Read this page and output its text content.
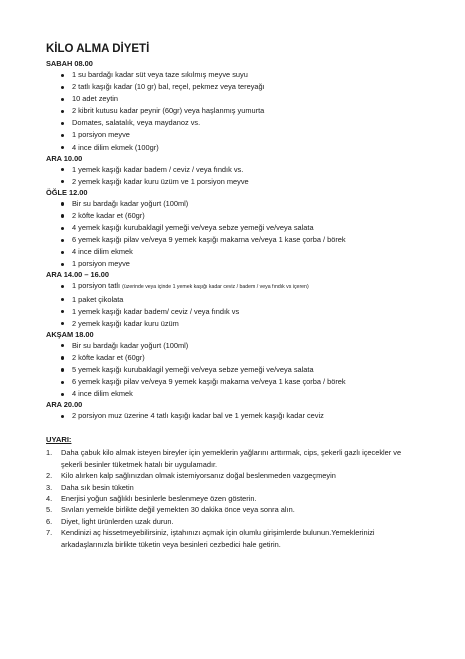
KİLO ALMA DİYETİ
SABAH 08.00
1 su bardağı kadar süt veya taze sıkılmış meyve suyu
2 tatlı kaşığı kadar (10 gr) bal, reçel, pekmez veya tereyağı
10 adet zeytin
2 kibrit kutusu kadar peynir (60gr) veya haşlanmış yumurta
Domates, salatalık, veya maydanoz vs.
1 porsiyon meyve
4 ince dilim ekmek (100gr)
ARA 10.00
1 yemek kaşığı kadar badem / ceviz / veya fındık vs.
2 yemek kaşığı kadar kuru üzüm ve 1 porsiyon meyve
ÖĞLE 12.00
Bir su bardağı kadar yoğurt (100ml)
2 köfte kadar et (60gr)
4 yemek kaşığı kurubaklagil yemeği ve/veya sebze yemeği ve/veya salata
6 yemek kaşığı pilav ve/veya 9 yemek kaşığı makarna ve/veya 1 kase çorba / börek
4 ince dilim ekmek
1 porsiyon meyve
ARA 14.00 – 16.00
1 porsiyon tatlı (üzerinde veya içinde 1 yemek kaşığı kadar ceviz / badem / veya fındık vs içeren)
1 paket çikolata
1 yemek kaşığı kadar badem/ ceviz / veya fındık vs
2 yemek kaşığı kadar kuru üzüm
AKŞAM 18.00
Bir su bardağı kadar yoğurt (100ml)
2 köfte kadar et (60gr)
5 yemek kaşığı kurubaklagil yemeği ve/veya sebze yemeği ve/veya salata
6 yemek kaşığı pilav ve/veya 9 yemek kaşığı makarna ve/veya 1 kase çorba / börek
4 ince dilim ekmek
ARA 20.00
2 porsiyon muz üzerine 4 tatlı kaşığı kadar bal ve 1 yemek kaşığı kadar ceviz
UYARI:
1. Daha çabuk kilo almak isteyen bireyler için yemeklerin yağlarını arttırmak, cips, şekerli gazlı içecekler ve şekerli besinler tüketmek hatalı bir uygulamadır.
2. Kilo alırken kalp sağlınızdan olmak istemiyorsanız doğal beslenmeden vazgeçmeyin
3. Daha sık besin tüketin
4. Enerjisi yoğun sağlıklı besinlerle beslenmeye özen gösterin.
5. Sıvıları yemekle birlikte değil yemekten 30 dakika önce veya sonra alın.
6. Diyet, light ürünlerden uzak durun.
7. Kendinizi aç hissetmeyebilirsiniz, iştahınızı açmak için olumlu girişimlerde bulunun.Yemeklerinizi arkadaşlarınızla birlikte tüketin veya besinleri cezbedici hale getirin.
